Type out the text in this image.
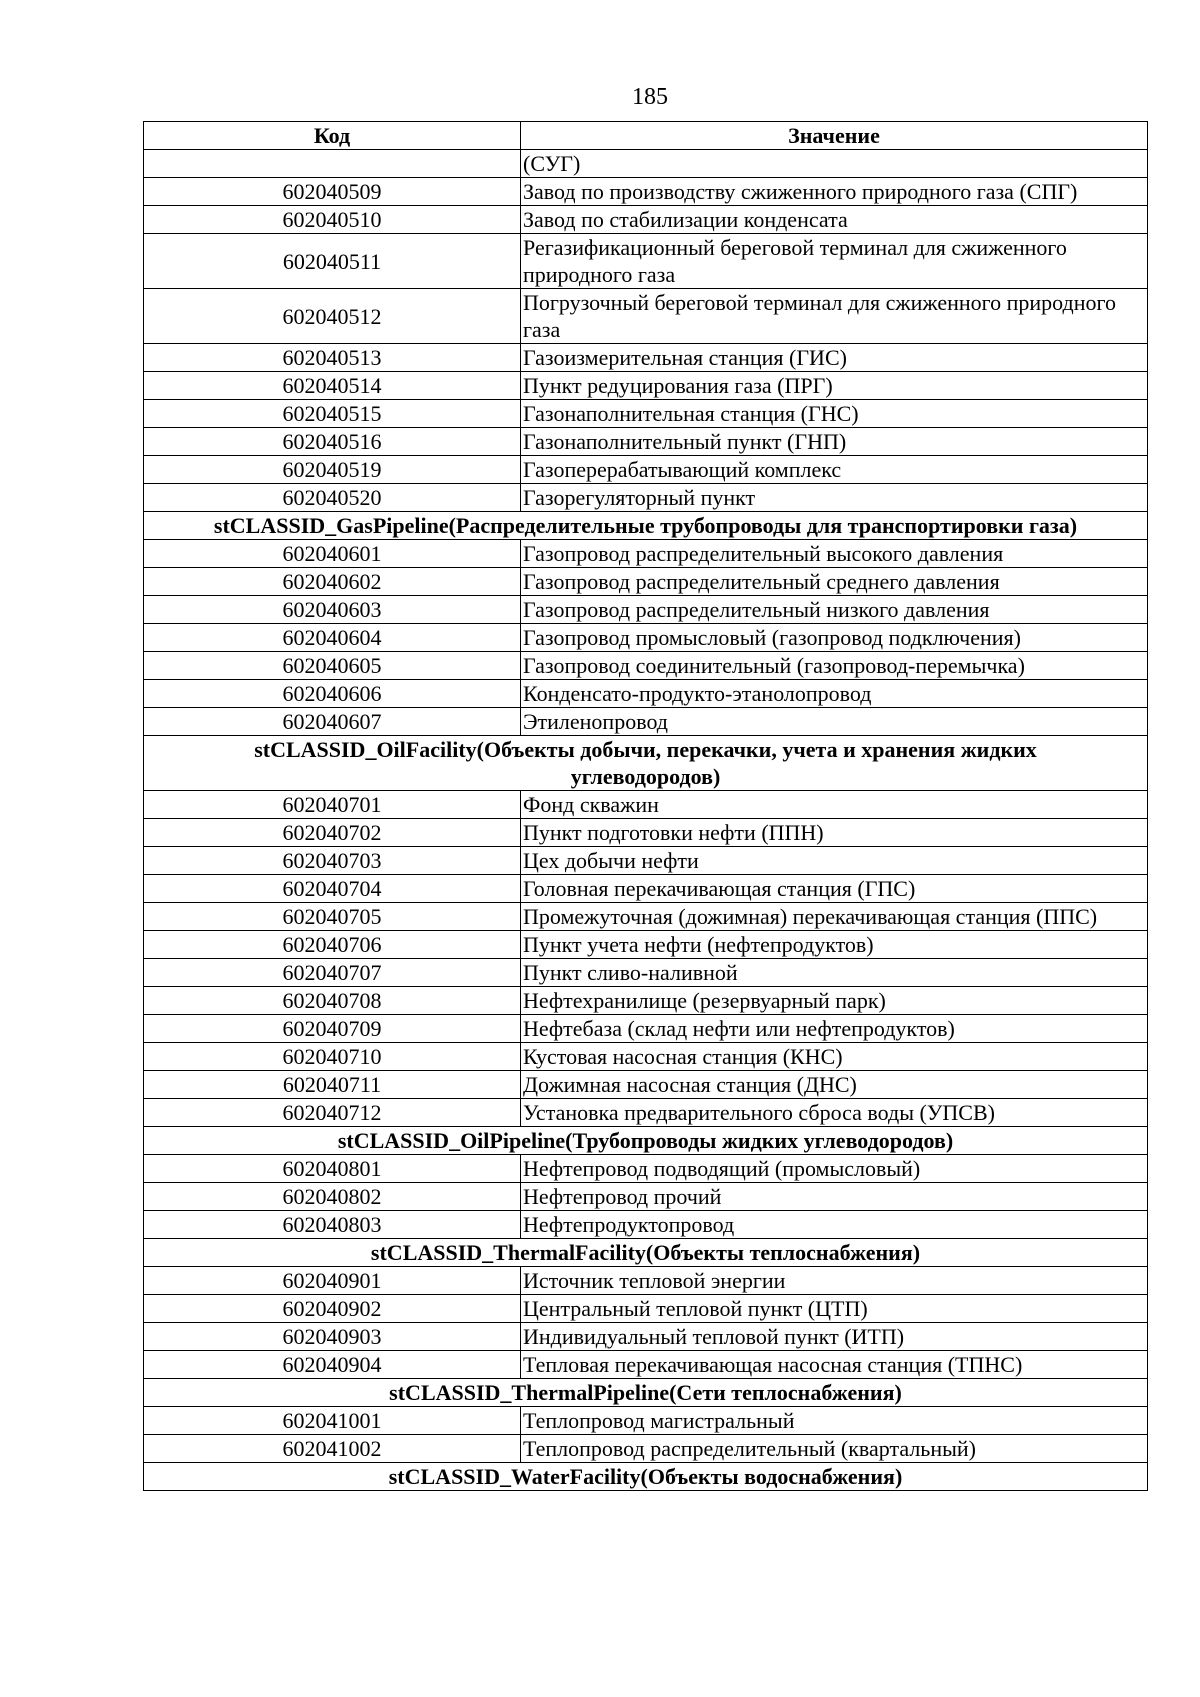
185
Код	Значение
	(СУГ)
602040509	Завод по производству сжиженного природного газа (СПГ)
602040510	Завод по стабилизации конденсата
602040511	Регазификационный береговой терминал для сжиженного природного газа
602040512	Погрузочный береговой терминал для сжиженного природного газа
602040513	Газоизмерительная станция (ГИС)
602040514	Пункт редуцирования газа (ПРГ)
602040515	Газонаполнительная станция (ГНС)
602040516	Газонаполнительный пункт (ГНП)
602040519	Газоперерабатывающий комплекс
602040520	Газорегуляторный пункт
stCLASSID_GasPipeline(Распределительные трубопроводы для транспортировки газа)	
602040601	Газопровод распределительный высокого давления
602040602	Газопровод распределительный среднего давления
602040603	Газопровод распределительный низкого давления
602040604	Газопровод промысловый (газопровод подключения)
602040605	Газопровод соединительный (газопровод-перемычка)
602040606	Конденсато-продукто-этанолопровод
602040607	Этиленопровод
stCLASSID_OilFacility(Объекты добычи, перекачки, учета и хранения жидких углеводородов)	
602040701	Фонд скважин
602040702	Пункт подготовки нефти (ППН)
602040703	Цех добычи нефти
602040704	Головная перекачивающая станция (ГПС)
602040705	Промежуточная (дожимная) перекачивающая станция (ППС)
602040706	Пункт учета нефти (нефтепродуктов)
602040707	Пункт сливо-наливной
602040708	Нефтехранилище (резервуарный парк)
602040709	Нефтебаза (склад нефти или нефтепродуктов)
602040710	Кустовая насосная станция (КНС)
602040711	Дожимная насосная станция (ДНС)
602040712	Установка предварительного сброса воды (УПСВ)
stCLASSID_OilPipeline(Трубопроводы жидких углеводородов)	
602040801	Нефтепровод подводящий (промысловый)
602040802	Нефтепровод прочий
602040803	Нефтепродуктопровод
stCLASSID_ThermalFacility(Объекты теплоснабжения)	
602040901	Источник тепловой энергии
602040902	Центральный тепловой пункт (ЦТП)
602040903	Индивидуальный тепловой пункт (ИТП)
602040904	Тепловая перекачивающая насосная станция (ТПНС)
stCLASSID_ThermalPipeline(Сети теплоснабжения)	
602041001	Теплопровод магистральный
602041002	Теплопровод распределительный (квартальный)
stCLASSID_WaterFacility(Объекты водоснабжения)	
